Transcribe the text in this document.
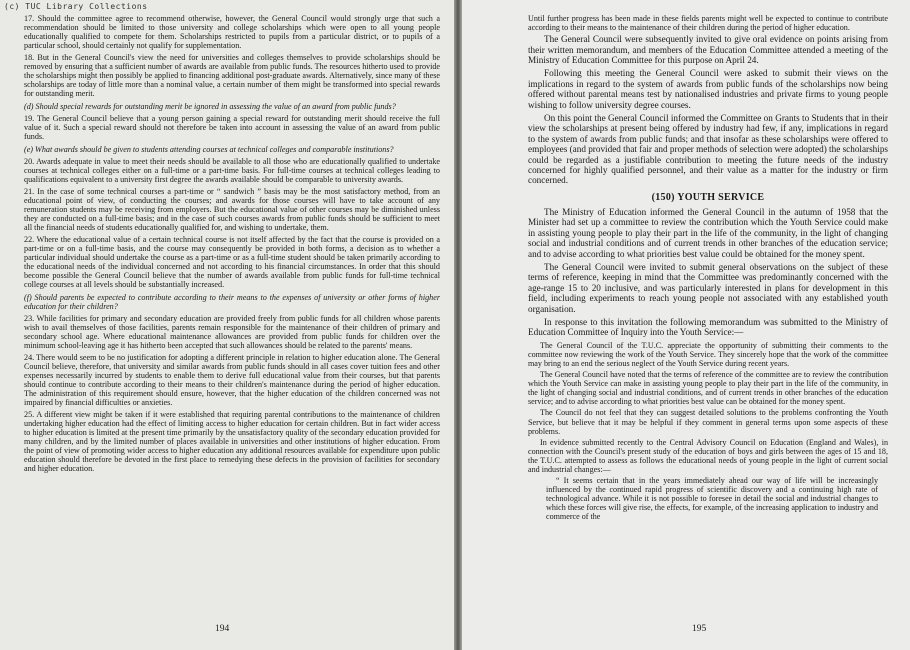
(c) TUC Library Collections

17. Should the committee agree to recommend otherwise, however, the General Council would strongly urge that such a recommendation should be limited to those university and college scholarships which were open to all young people educationally qualified to compete for them. Scholarships restricted to pupils from a particular district, or to pupils of a particular school, should certainly not qualify for supplementation.

18. But in the General Council's view the need for universities and colleges themselves to provide scholarships should be removed by ensuring that a sufficient number of awards are available from public funds. The resources hitherto used to provide the scholarships might then possibly be applied to financing additional post-graduate awards. Alternatively, since many of these scholarships are today of little more than a nominal value, a certain number of them might be transformed into special rewards for outstanding merit.

(d) Should special rewards for outstanding merit be ignored in assessing the value of an award from public funds?

19. The General Council believe that a young person gaining a special reward for outstanding merit should receive the full value of it. Such a special reward should not therefore be taken into account in assessing the value of an award from public funds.

(e) What awards should be given to students attending courses at technical colleges and comparable institutions?

20. Awards adequate in value to meet their needs should be available to all those who are educationally qualified to undertake courses at technical colleges either on a full-time or a part-time basis. For full-time courses at technical colleges leading to qualifications equivalent to a university first degree the awards available should be comparable to university awards.

21. In the case of some technical courses a part-time or “ sandwich ” basis may be the most satisfactory method, from an educational point of view, of conducting the courses; and awards for those courses will have to take account of any remuneration students may be receiving from employers. But the educational value of other courses may be diminished unless they are conducted on a full-time basis; and in the case of such courses awards from public funds should be sufficient to meet all the financial needs of students educationally qualified for, and wishing to undertake, them.

22. Where the educational value of a certain technical course is not itself affected by the fact that the course is provided on a part-time or on a full-time basis, and the course may consequently be provided in both forms, a decision as to whether a particular individual should undertake the course as a part-time or as a full-time student should be taken primarily according to the educational needs of the individual concerned and not according to his financial circumstances. In order that this should become possible the General Council believe that the number of awards available from public funds for full-time technical college courses at all levels should be substantially increased.

(f) Should parents be expected to contribute according to their means to the expenses of university or other forms of higher education for their children?

23. While facilities for primary and secondary education are provided freely from public funds for all children whose parents wish to avail themselves of those facilities, parents remain responsible for the maintenance of their children of primary and secondary school age. Where educational maintenance allowances are provided from public funds for children over the minimum school-leaving age it has hitherto been accepted that such allowances should be related to the parents' means.

24. There would seem to be no justification for adopting a different principle in relation to higher education alone. The General Council believe, therefore, that university and similar awards from public funds should in all cases cover tuition fees and other expenses necessarily incurred by students to enable them to derive full educational value from their courses, but that parents should continue to contribute according to their means to their children's maintenance during the period of higher education. The administration of this requirement should ensure, however, that the higher education of the children concerned was not impaired by financial difficulties or anxieties.

25. A different view might be taken if it were established that requiring parental contributions to the maintenance of children undertaking higher education had the effect of limiting access to higher education for certain children. But in fact wider access to higher education is limited at the present time primarily by the unsatisfactory quality of the secondary education provided for many children, and by the limited number of places available in universities and other institutions of higher education. From the point of view of promoting wider access to higher education any additional resources available for expenditure upon public education should therefore be devoted in the first place to remedying these defects in the provision of facilities for secondary and higher education.

194

Until further progress has been made in these fields parents might well be expected to continue to contribute according to their means to the maintenance of their children during the period of higher education.

The General Council were subsequently invited to give oral evidence on points arising from their written memorandum, and members of the Education Committee attended a meeting of the Ministry of Education Committee for this purpose on April 24.

Following this meeting the General Council were asked to submit their views on the implications in regard to the system of awards from public funds of the scholarships now being offered without parental means test by nationalised industries and private firms to young people wishing to follow university degree courses.

On this point the General Council informed the Committee on Grants to Students that in their view the scholarships at present being offered by industry had few, if any, implications in regard to the system of awards from public funds; and that insofar as these scholarships were offered to employees (and provided that fair and proper methods of selection were adopted) the scholarships could be regarded as a justifiable contribution to meeting the future needs of the industry concerned for highly qualified personnel, and their value as a matter for the industry or firm concerned.

(150) YOUTH SERVICE

The Ministry of Education informed the General Council in the autumn of 1958 that the Minister had set up a committee to review the contribution which the Youth Service could make in assisting young people to play their part in the life of the community, in the light of changing social and industrial conditions and of current trends in other branches of the education service; and to advise according to what priorities best value could be obtained for the money spent.

The General Council were invited to submit general observations on the subject of these terms of reference, keeping in mind that the Committee was predominantly concerned with the age-range 15 to 20 inclusive, and was particularly interested in plans for development in this field, including experiments to reach young people not associated with any established youth organisation.

In response to this invitation the following memorandum was submitted to the Ministry of Education Committee of Inquiry into the Youth Service:—

The General Council of the T.U.C. appreciate the opportunity of submitting their comments to the committee now reviewing the work of the Youth Service. They sincerely hope that the work of the committee may bring to an end the serious neglect of the Youth Service during recent years.

The General Council have noted that the terms of reference of the committee are to review the contribution which the Youth Service can make in assisting young people to play their part in the life of the community, in the light of changing social and industrial conditions, and of current trends in other branches of the education service; and to advise according to what priorities best value can be obtained for the money spent.

The Council do not feel that they can suggest detailed solutions to the problems confronting the Youth Service, but believe that it may be helpful if they comment in general terms upon some aspects of these problems.

In evidence submitted recently to the Central Advisory Council on Education (England and Wales), in connection with the Council's present study of the education of boys and girls between the ages of 15 and 18, the T.U.C. attempted to assess as follows the educational needs of young people in the light of current social and industrial changes:—

“ It seems certain that in the years immediately ahead our way of life will be increasingly influenced by the continued rapid progress of scientific discovery and a continuing high rate of technological advance. While it is not possible to foresee in detail the social and industrial changes to which these forces will give rise, the effects, for example, of the increasing application to industry and commerce of the

195
